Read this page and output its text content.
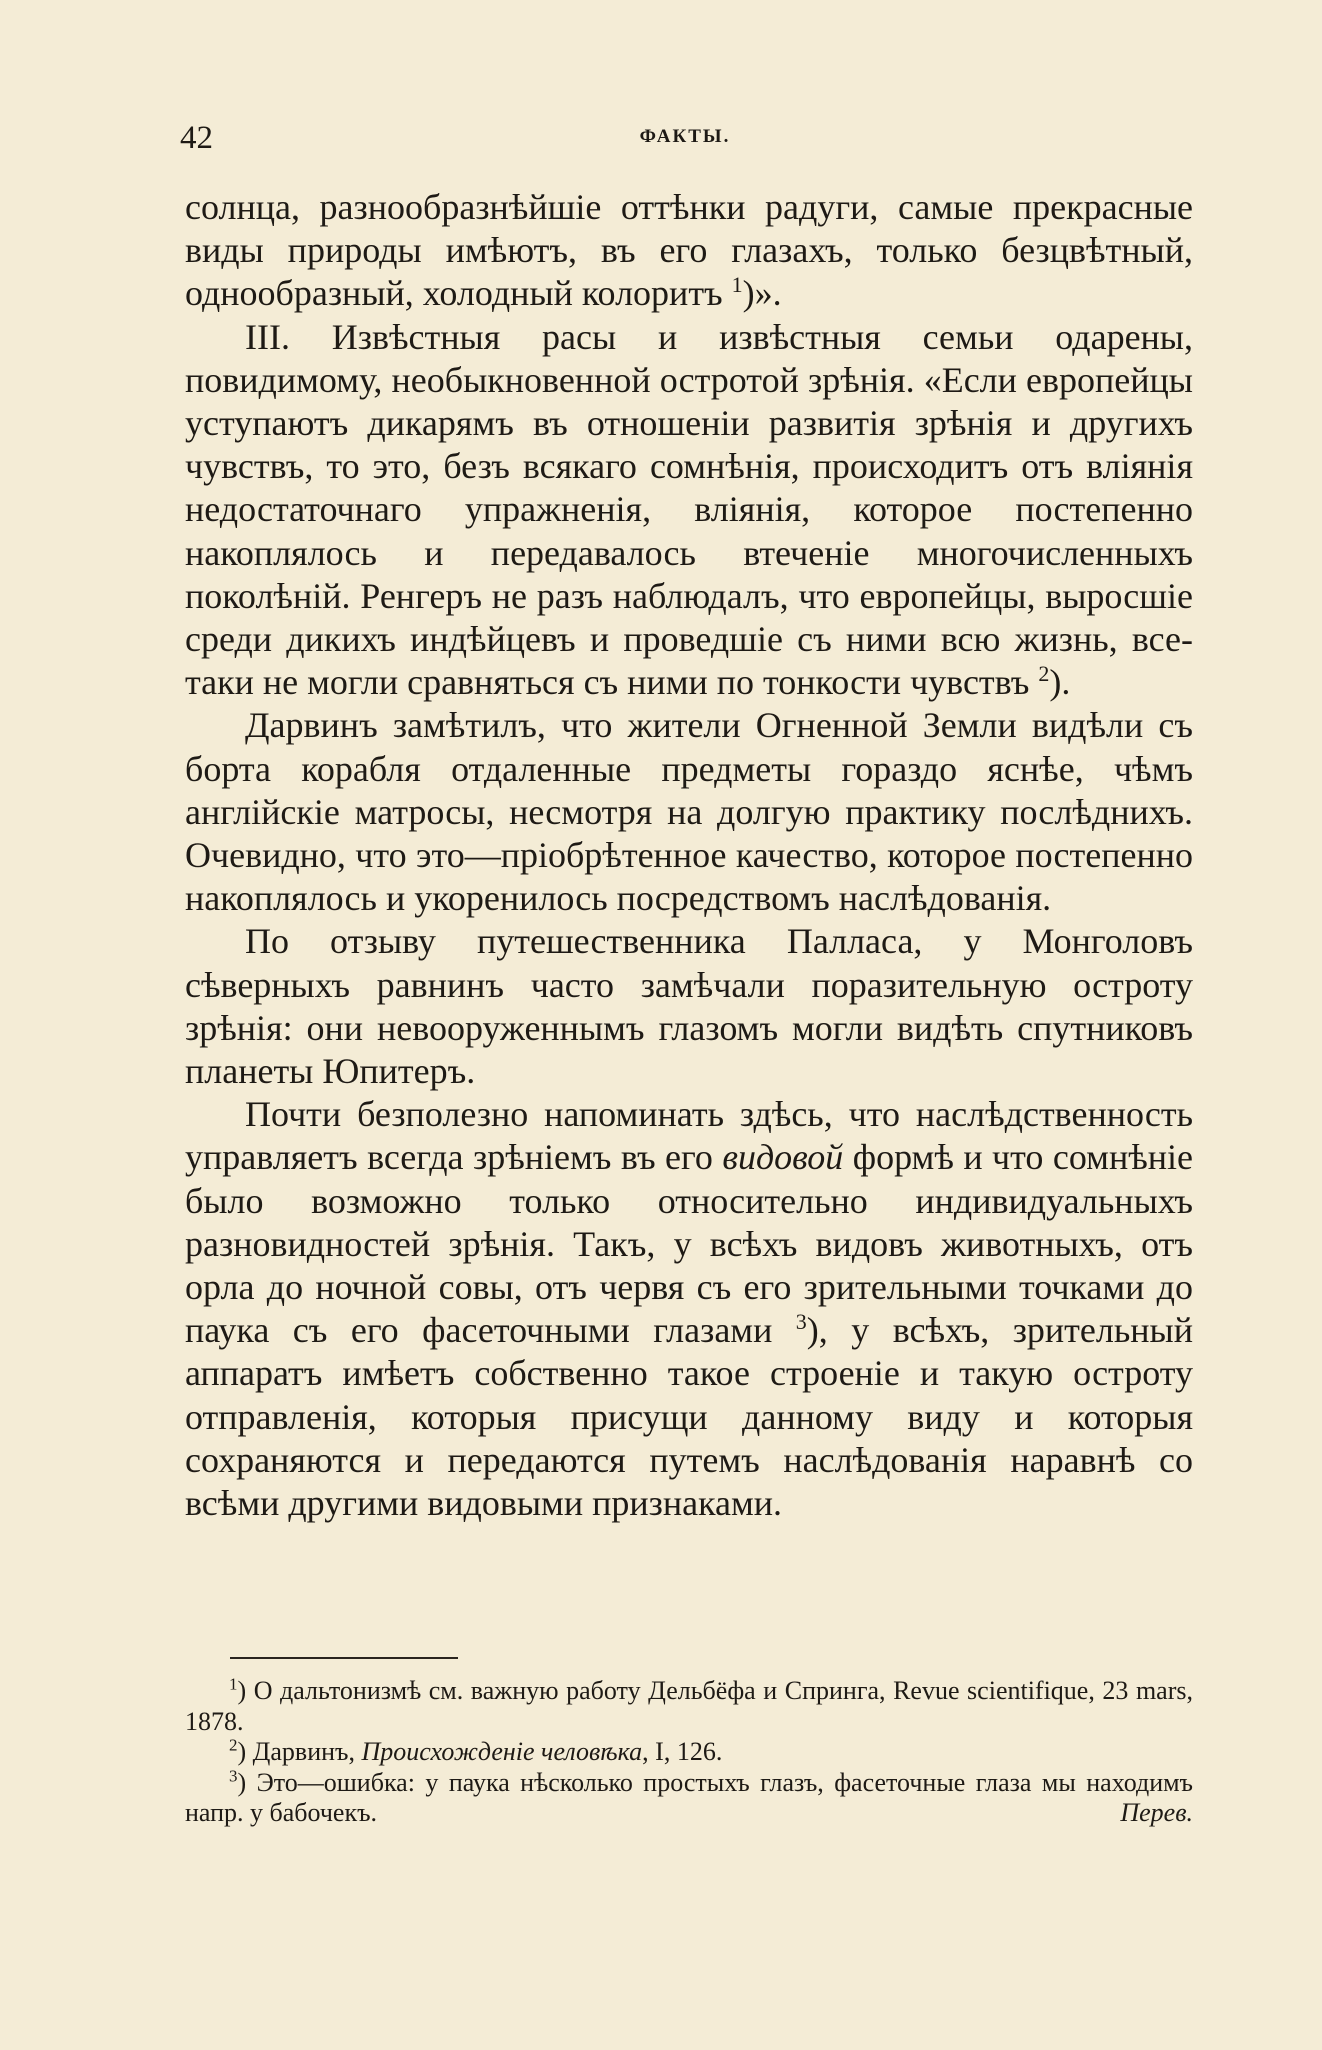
42	ФАКТЫ.

солнца, разнообразнѣйшіе оттѣнки радуги, самые прекрасные виды природы имѣютъ, въ его глазахъ, только безцвѣтный, однообразный, холодный колоритъ $^1$)».

III. Извѣстныя расы и извѣстныя семьи одарены, повидимому, необыкновенной остротой зрѣнія. «Если европейцы уступаютъ дикарямъ въ отношеніи развитія зрѣнія и другихъ чувствъ, то это, безъ всякаго сомнѣнія, происходитъ отъ вліянія недостаточнаго упражненія, вліянія, которое постепенно накоплялось и передавалось втеченіе многочисленныхъ поколѣній. Ренгеръ не разъ наблюдалъ, что европейцы, выросшіе среди дикихъ индѣйцевъ и проведшіе съ ними всю жизнь, все-таки не могли сравняться съ ними по тонкости чувствъ $^2$).

Дарвинъ замѣтилъ, что жители Огненной Земли видѣли съ борта корабля отдаленные предметы гораздо яснѣе, чѣмъ англійскіе матросы, несмотря на долгую практику послѣднихъ. Очевидно, что это—пріобрѣтенное качество, которое постепенно накоплялось и укоренилось посредствомъ наслѣдованія.

По отзыву путешественника Палласа, у Монголовъ сѣверныхъ равнинъ часто замѣчали поразительную остроту зрѣнія: они невооруженнымъ глазомъ могли видѣть спутниковъ планеты Юпитеръ.

Почти безполезно напоминать здѣсь, что наслѣдственность управляетъ всегда зрѣніемъ въ его видовой формѣ и что сомнѣніе было возможно только относительно индивидуальныхъ разновидностей зрѣнія. Такъ, у всѣхъ видовъ животныхъ, отъ орла до ночной совы, отъ червя съ его зрительными точками до паука съ его фасеточными глазами $^3$), у всѣхъ, зрительный аппаратъ имѣетъ собственно такое строеніе и такую остроту отправленія, которыя присущи данному виду и которыя сохраняются и передаются путемъ наслѣдованія наравнѣ со всѣми другими видовыми признаками.

$^1$) О дальтонизмѣ см. важную работу Дельбёфа и Спринга, Revue scientifique, 23 mars, 1878.

$^2$) Дарвинъ, Происхожденіе человѣка, I, 126.

$^3$) Это—ошибка: у паука нѣсколько простыхъ глазъ, фасеточные глаза мы находимъ напр. у бабочекъ.	Перев.
